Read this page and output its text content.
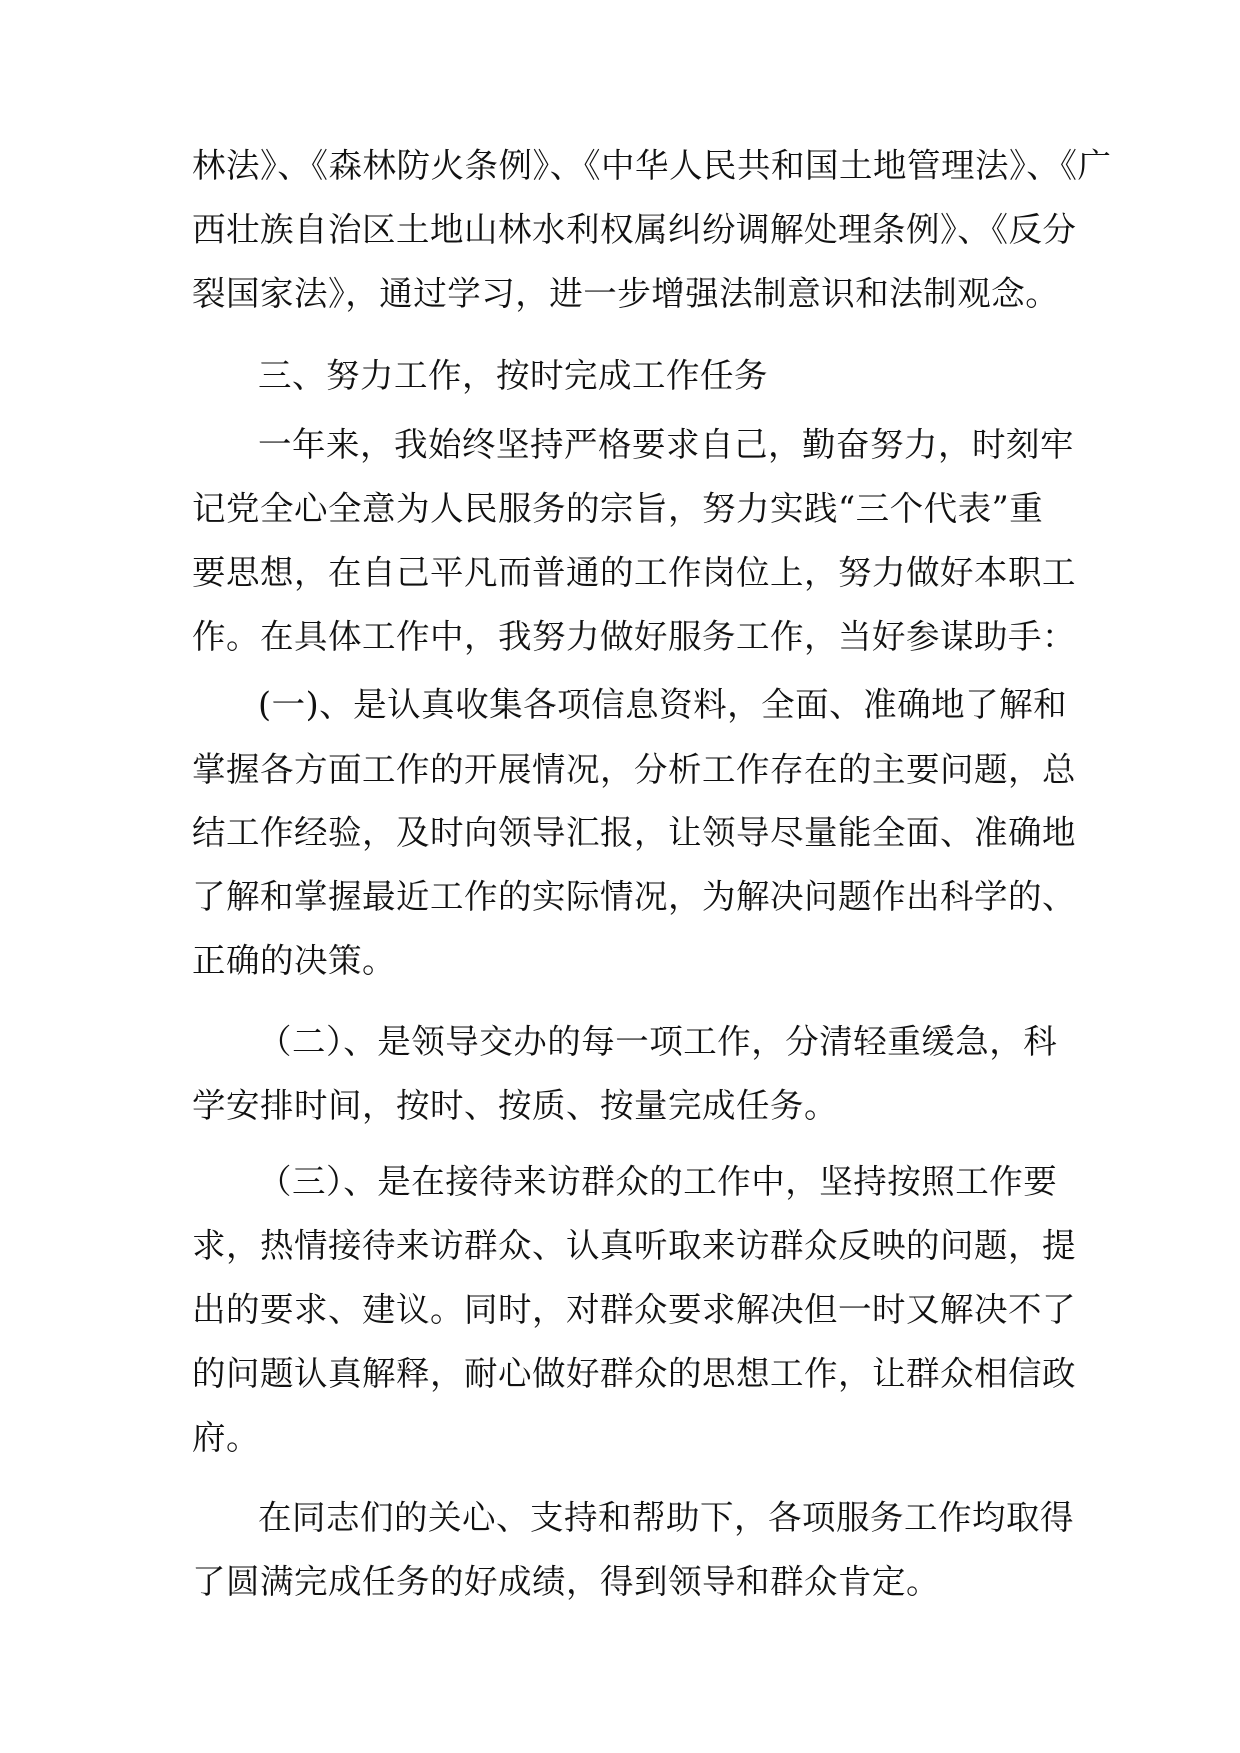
林法》、《森林防火条例》、《中华人民共和国土地管理法》、《广

西壮族自治区土地山林水利权属纠纷调解处理条例》、《反分

裂国家法》，通过学习，进一步增强法制意识和法制观念。

三、努力工作，按时完成工作任务

一年来，我始终坚持严格要求自己，勤奋努力，时刻牢

记党全心全意为人民服务的宗旨，努力实践“三个代表”重

要思想，在自己平凡而普通的工作岗位上，努力做好本职工

作。在具体工作中，我努力做好服务工作，当好参谋助手：

(一)、是认真收集各项信息资料，全面、准确地了解和

掌握各方面工作的开展情况，分析工作存在的主要问题，总

结工作经验，及时向领导汇报，让领导尽量能全面、准确地

了解和掌握最近工作的实际情况，为解决问题作出科学的、

正确的决策。

（二）、是领导交办的每一项工作，分清轻重缓急，科

学安排时间，按时、按质、按量完成任务。

（三）、是在接待来访群众的工作中，坚持按照工作要

求，热情接待来访群众、认真听取来访群众反映的问题，提

出的要求、建议。同时，对群众要求解决但一时又解决不了

的问题认真解释，耐心做好群众的思想工作，让群众相信政

府。

在同志们的关心、支持和帮助下，各项服务工作均取得

了圆满完成任务的好成绩，得到领导和群众肯定。
